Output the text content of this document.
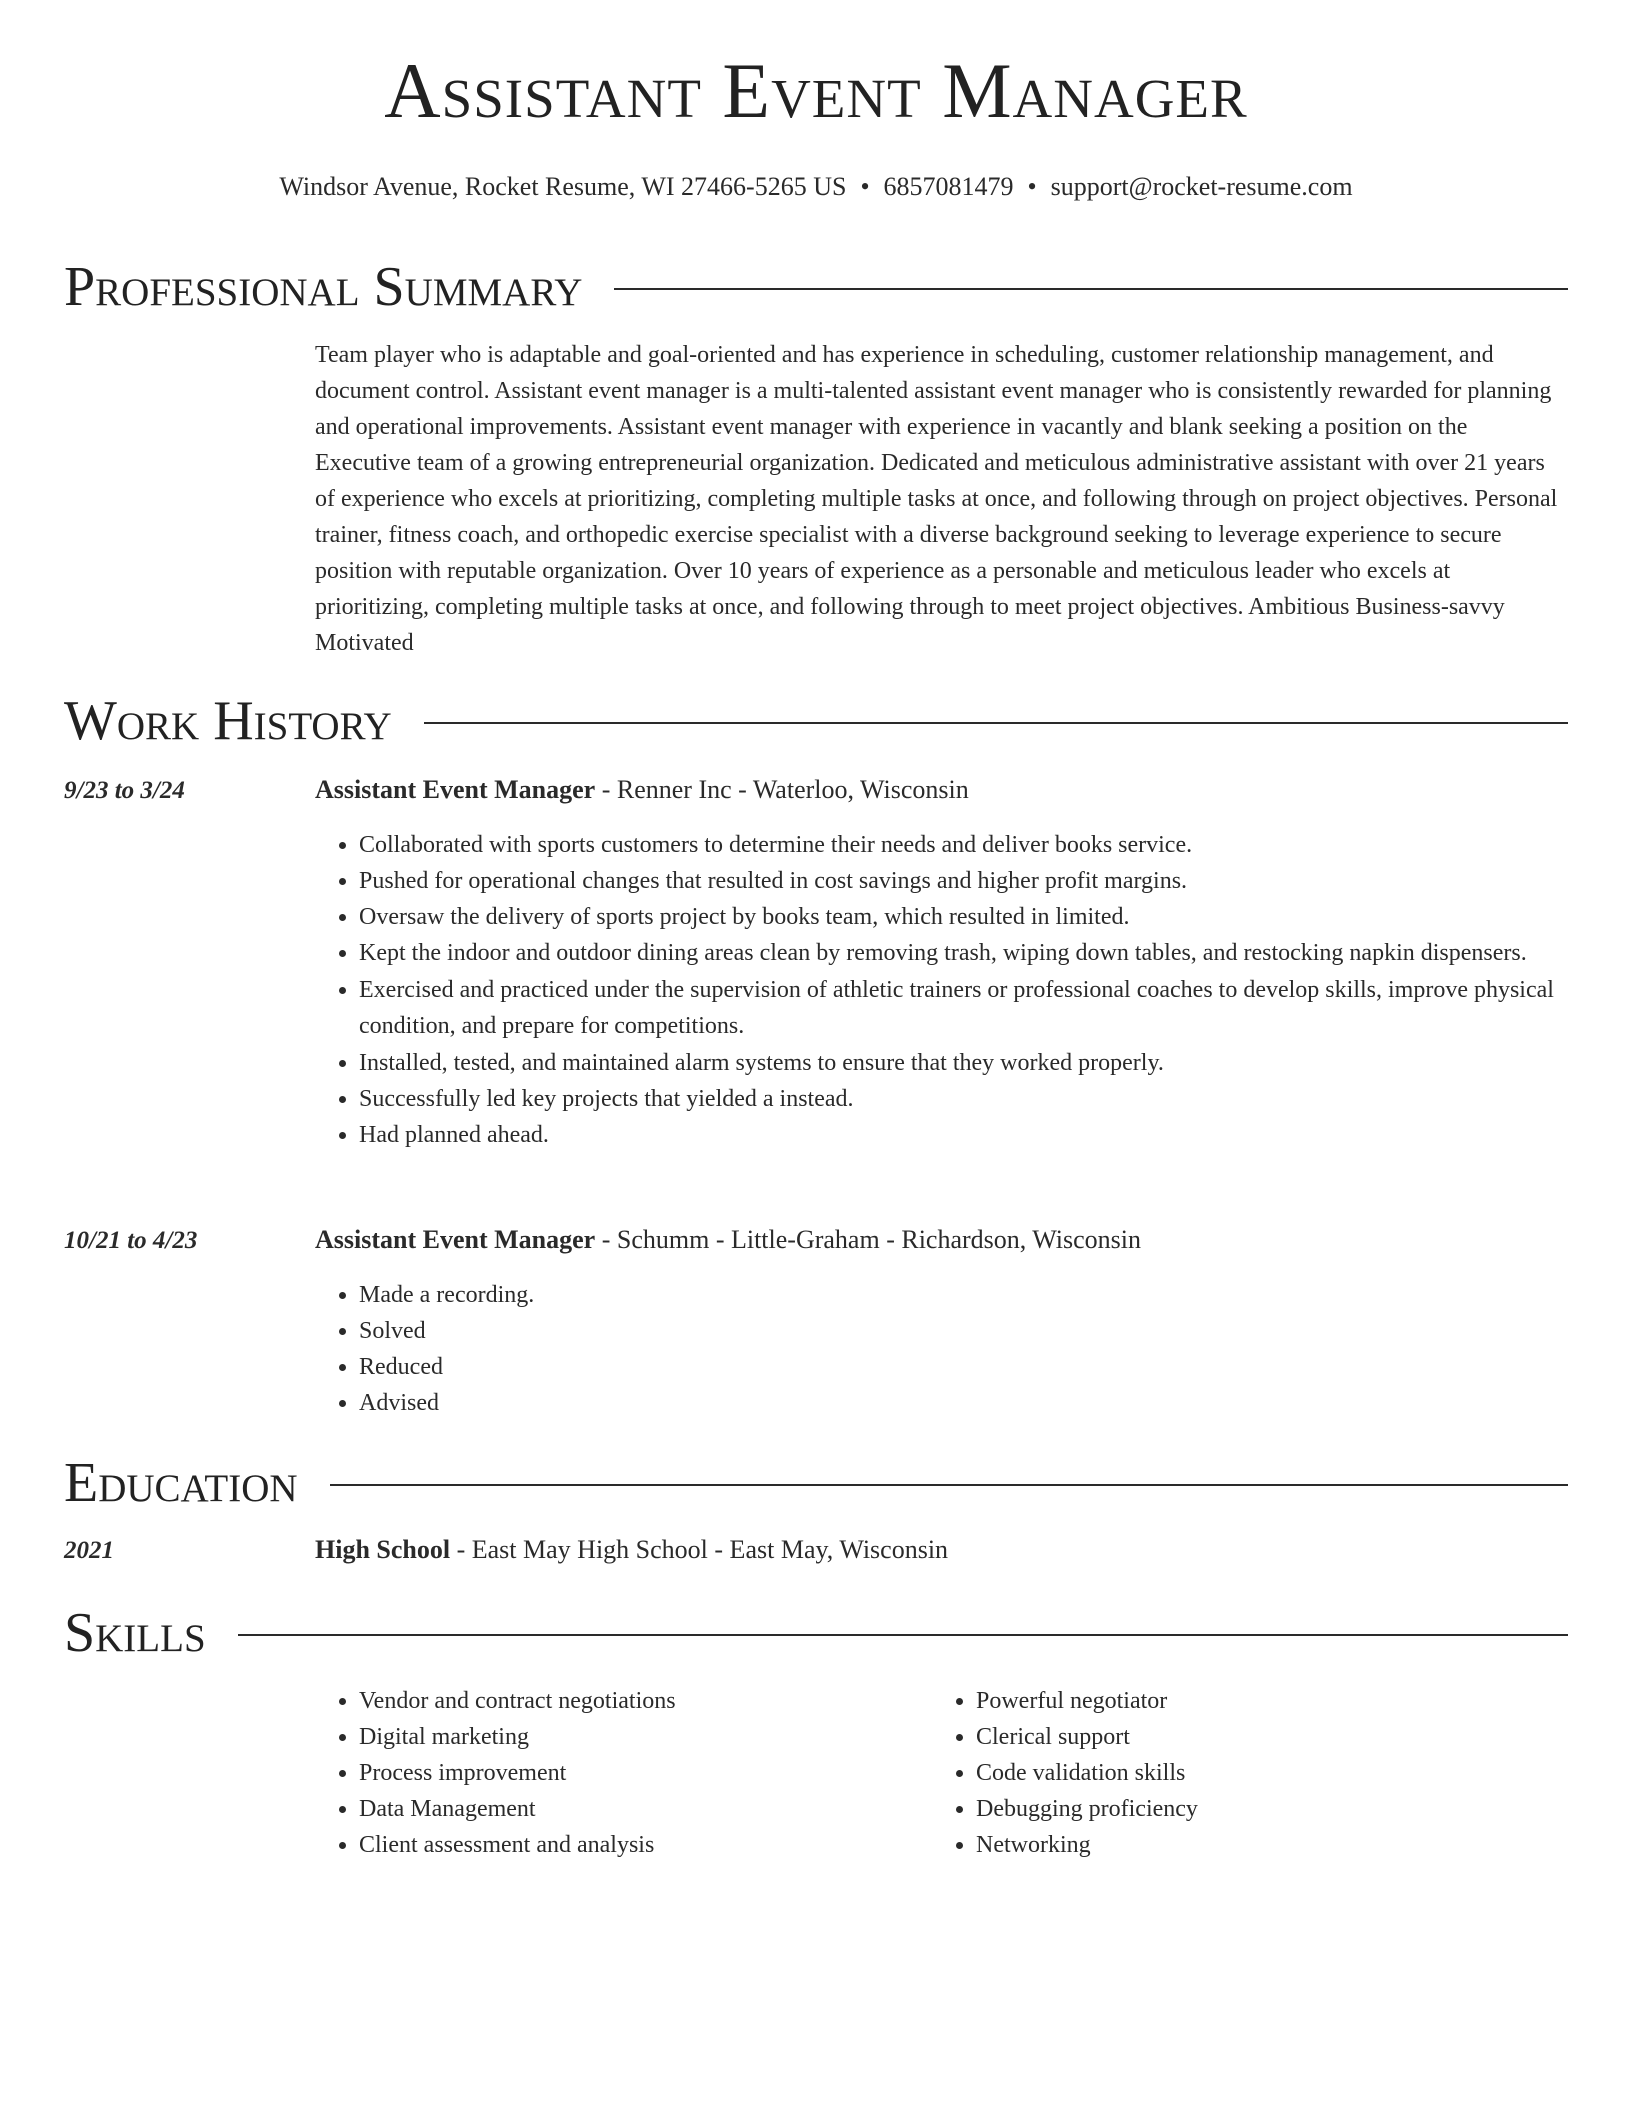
Assistant Event Manager
Windsor Avenue, Rocket Resume, WI 27466-5265 US • 6857081479 • support@rocket-resume.com
Professional Summary
Team player who is adaptable and goal-oriented and has experience in scheduling, customer relationship management, and document control. Assistant event manager is a multi-talented assistant event manager who is consistently rewarded for planning and operational improvements. Assistant event manager with experience in vacantly and blank seeking a position on the Executive team of a growing entrepreneurial organization. Dedicated and meticulous administrative assistant with over 21 years of experience who excels at prioritizing, completing multiple tasks at once, and following through on project objectives. Personal trainer, fitness coach, and orthopedic exercise specialist with a diverse background seeking to leverage experience to secure position with reputable organization. Over 10 years of experience as a personable and meticulous leader who excels at prioritizing, completing multiple tasks at once, and following through to meet project objectives. Ambitious Business-savvy Motivated
Work History
9/23 to 3/24	Assistant Event Manager - Renner Inc - Waterloo, Wisconsin
• Collaborated with sports customers to determine their needs and deliver books service.
• Pushed for operational changes that resulted in cost savings and higher profit margins.
• Oversaw the delivery of sports project by books team, which resulted in limited.
• Kept the indoor and outdoor dining areas clean by removing trash, wiping down tables, and restocking napkin dispensers.
• Exercised and practiced under the supervision of athletic trainers or professional coaches to develop skills, improve physical condition, and prepare for competitions.
• Installed, tested, and maintained alarm systems to ensure that they worked properly.
• Successfully led key projects that yielded a instead.
• Had planned ahead.
10/21 to 4/23	Assistant Event Manager - Schumm - Little-Graham - Richardson, Wisconsin
• Made a recording.
• Solved
• Reduced
• Advised
Education
2021	High School - East May High School - East May, Wisconsin
Skills
• Vendor and contract negotiations
• Digital marketing
• Process improvement
• Data Management
• Client assessment and analysis
• Powerful negotiator
• Clerical support
• Code validation skills
• Debugging proficiency
• Networking
